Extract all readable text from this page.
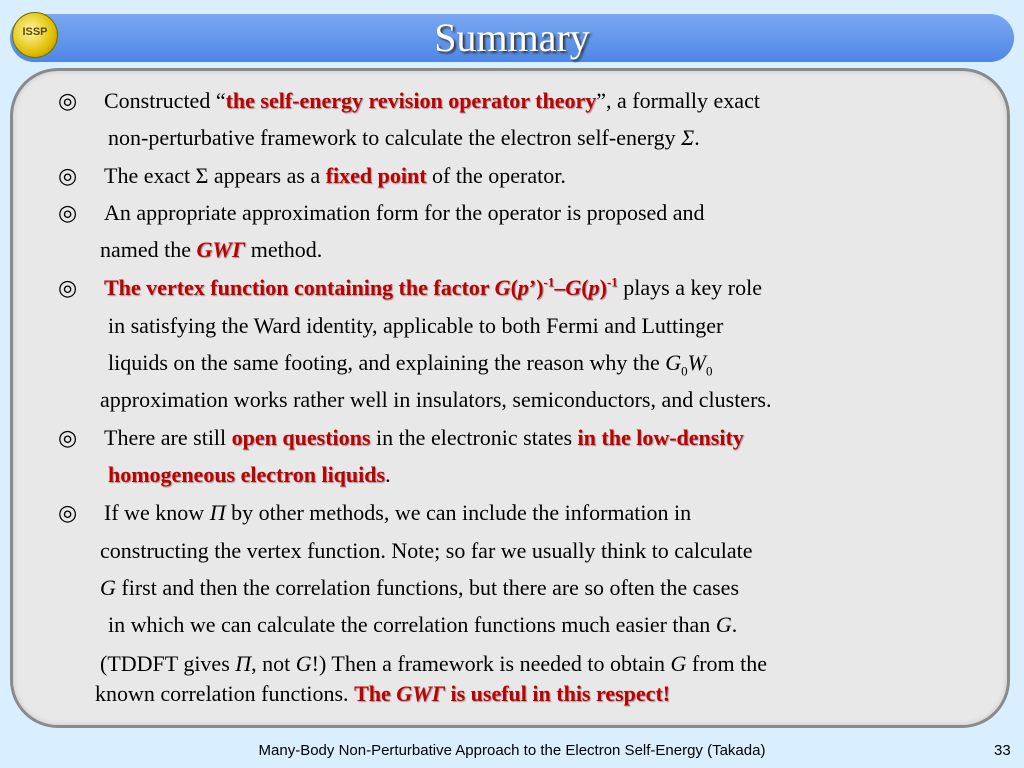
ISSP	Summary
◎ Constructed “the self-energy revision operator theory”, a formally exact
non-perturbative framework to calculate the electron self-energy Σ.
◎ The exact Σ appears as a fixed point of the operator.
◎ An appropriate approximation form for the operator is proposed and
named the GWΓ method.
◎ The vertex function containing the factor $G(p’)^{-1}-G(p)^{-1}$ plays a key role
in satisfying the Ward identity, applicable to both Fermi and Luttinger
liquids on the same footing, and explaining the reason why the $G_0W_0$
approximation works rather well in insulators, semiconductors, and clusters.
◎ There are still open questions in the electronic states in the low-density
homogeneous electron liquids.
◎ If we know Π by other methods, we can include the information in
constructing the vertex function. Note; so far we usually think to calculate
G first and then the correlation functions, but there are so often the cases
in which we can calculate the correlation functions much easier than G.
(TDDFT gives Π, not G!) Then a framework is needed to obtain G from the
known correlation functions. The GWΓ is useful in this respect!
Many-Body Non-Perturbative Approach to the Electron Self-Energy (Takada)	33
